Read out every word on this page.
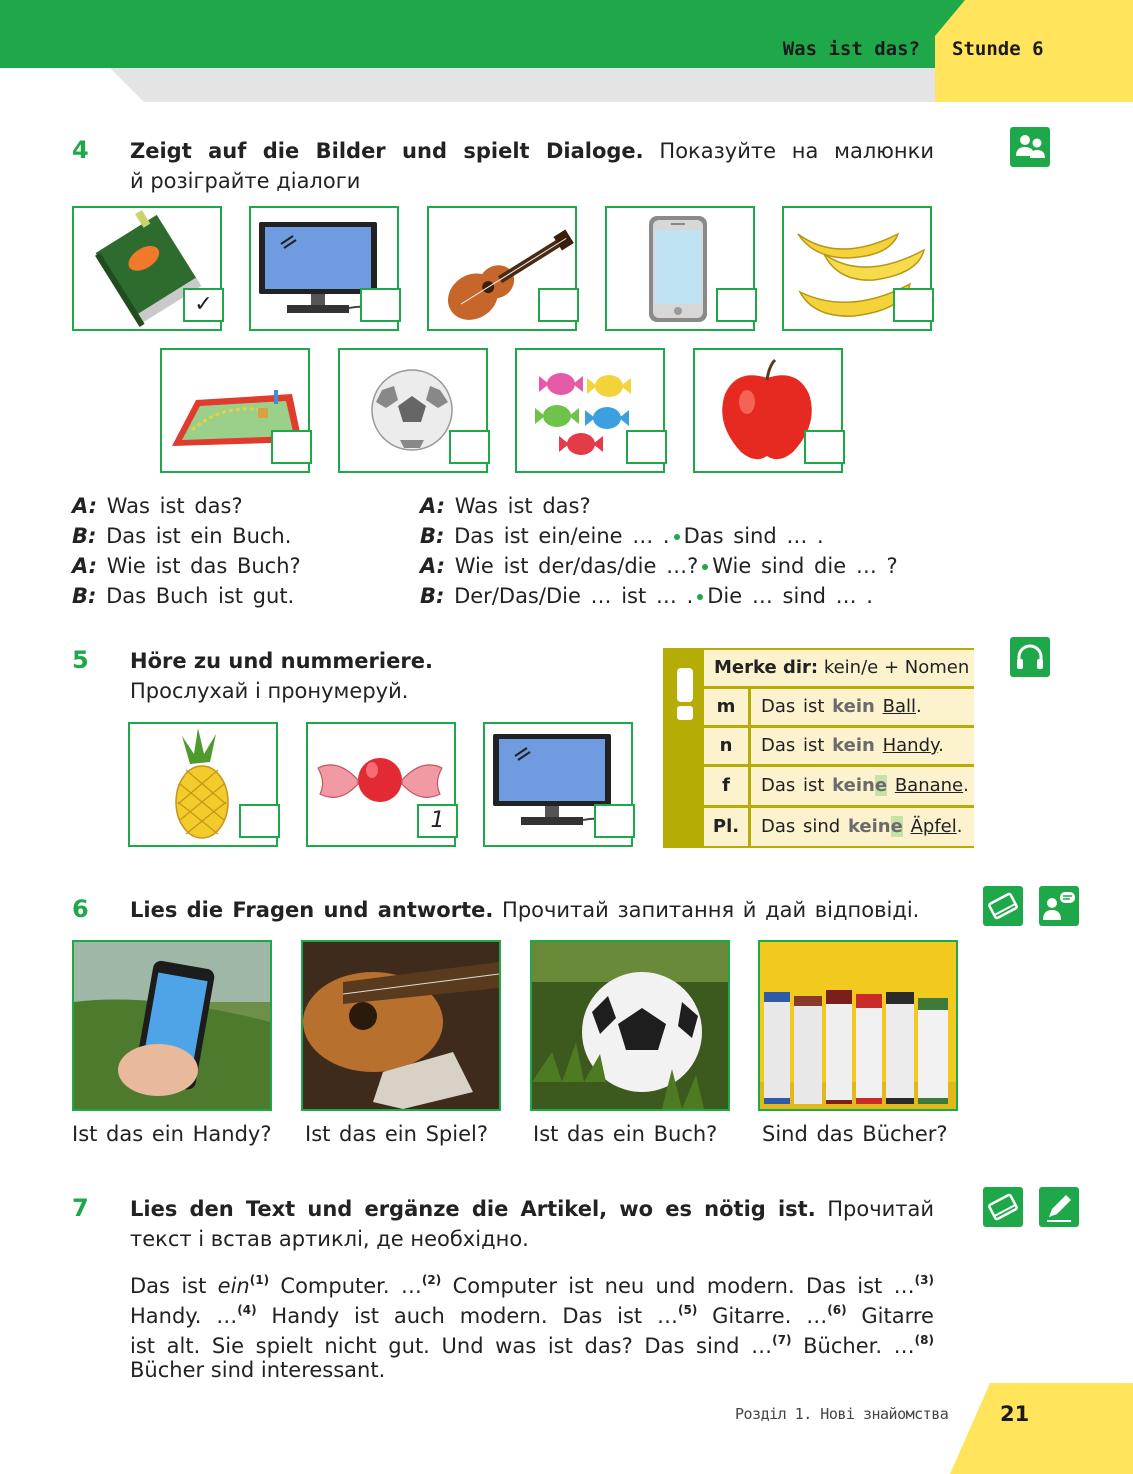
Was ist das? Stunde 6
4 Zeigt auf die Bilder und spielt Dialoge. Показуйте на малюнки
й розіграйте діалоги
✓
A: Was ist das?
B: Das ist ein Buch.
A: Wie ist das Buch?
B: Das Buch ist gut.
A: Was ist das?
B: Das ist ein/eine … . Das sind … .
A: Wie ist der/das/die …? Wie sind die … ?
B: Der/Das/Die … ist … . Die … sind … .
5 Höre zu und nummeriere.
Прослухай і пронумеруй.
1
Merke dir: kein/e + Nomen
m	Das ist kein Ball.
n	Das ist kein Handy.
f	Das ist keine Banane.
Pl.	Das sind keine Äpfel.
6 Lies die Fragen und antworte. Прочитай запитання й дай відповіді.
Ist das ein Handy? Ist das ein Spiel? Ist das ein Buch? Sind das Bücher?
7 Lies den Text und ergänze die Artikel, wo es nötig ist. Прочитай
текст і встав артиклі, де необхідно.
Das ist ein$^{(1)}$ Computer. …$^{(2)}$ Computer ist neu und modern. Das ist …$^{(3)}$
Handy. …$^{(4)}$ Handy ist auch modern. Das ist …$^{(5)}$ Gitarre. …$^{(6)}$ Gitarre
ist alt. Sie spielt nicht gut. Und was ist das? Das sind …$^{(7)}$ Bücher. …$^{(8)}$
Bücher sind interessant.
Розділ 1. Нові знайомства 21
